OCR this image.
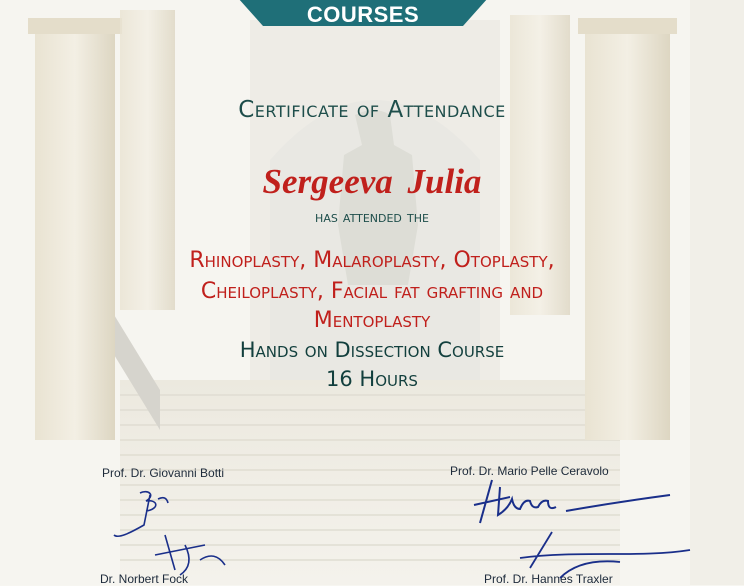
COURSES
Certificate of Attendance
Sergeeva Julia
has attended the
Rhinoplasty, Malaroplasty, Otoplasty,
Cheiloplasty, Facial fat grafting and
Mentoplasty
Hands on Dissection Course
16 Hours
Prof. Dr. Giovanni Botti	Prof. Dr. Mario Pelle Ceravolo
Dr. Norbert Fock	Prof. Dr. Hannes Traxler
